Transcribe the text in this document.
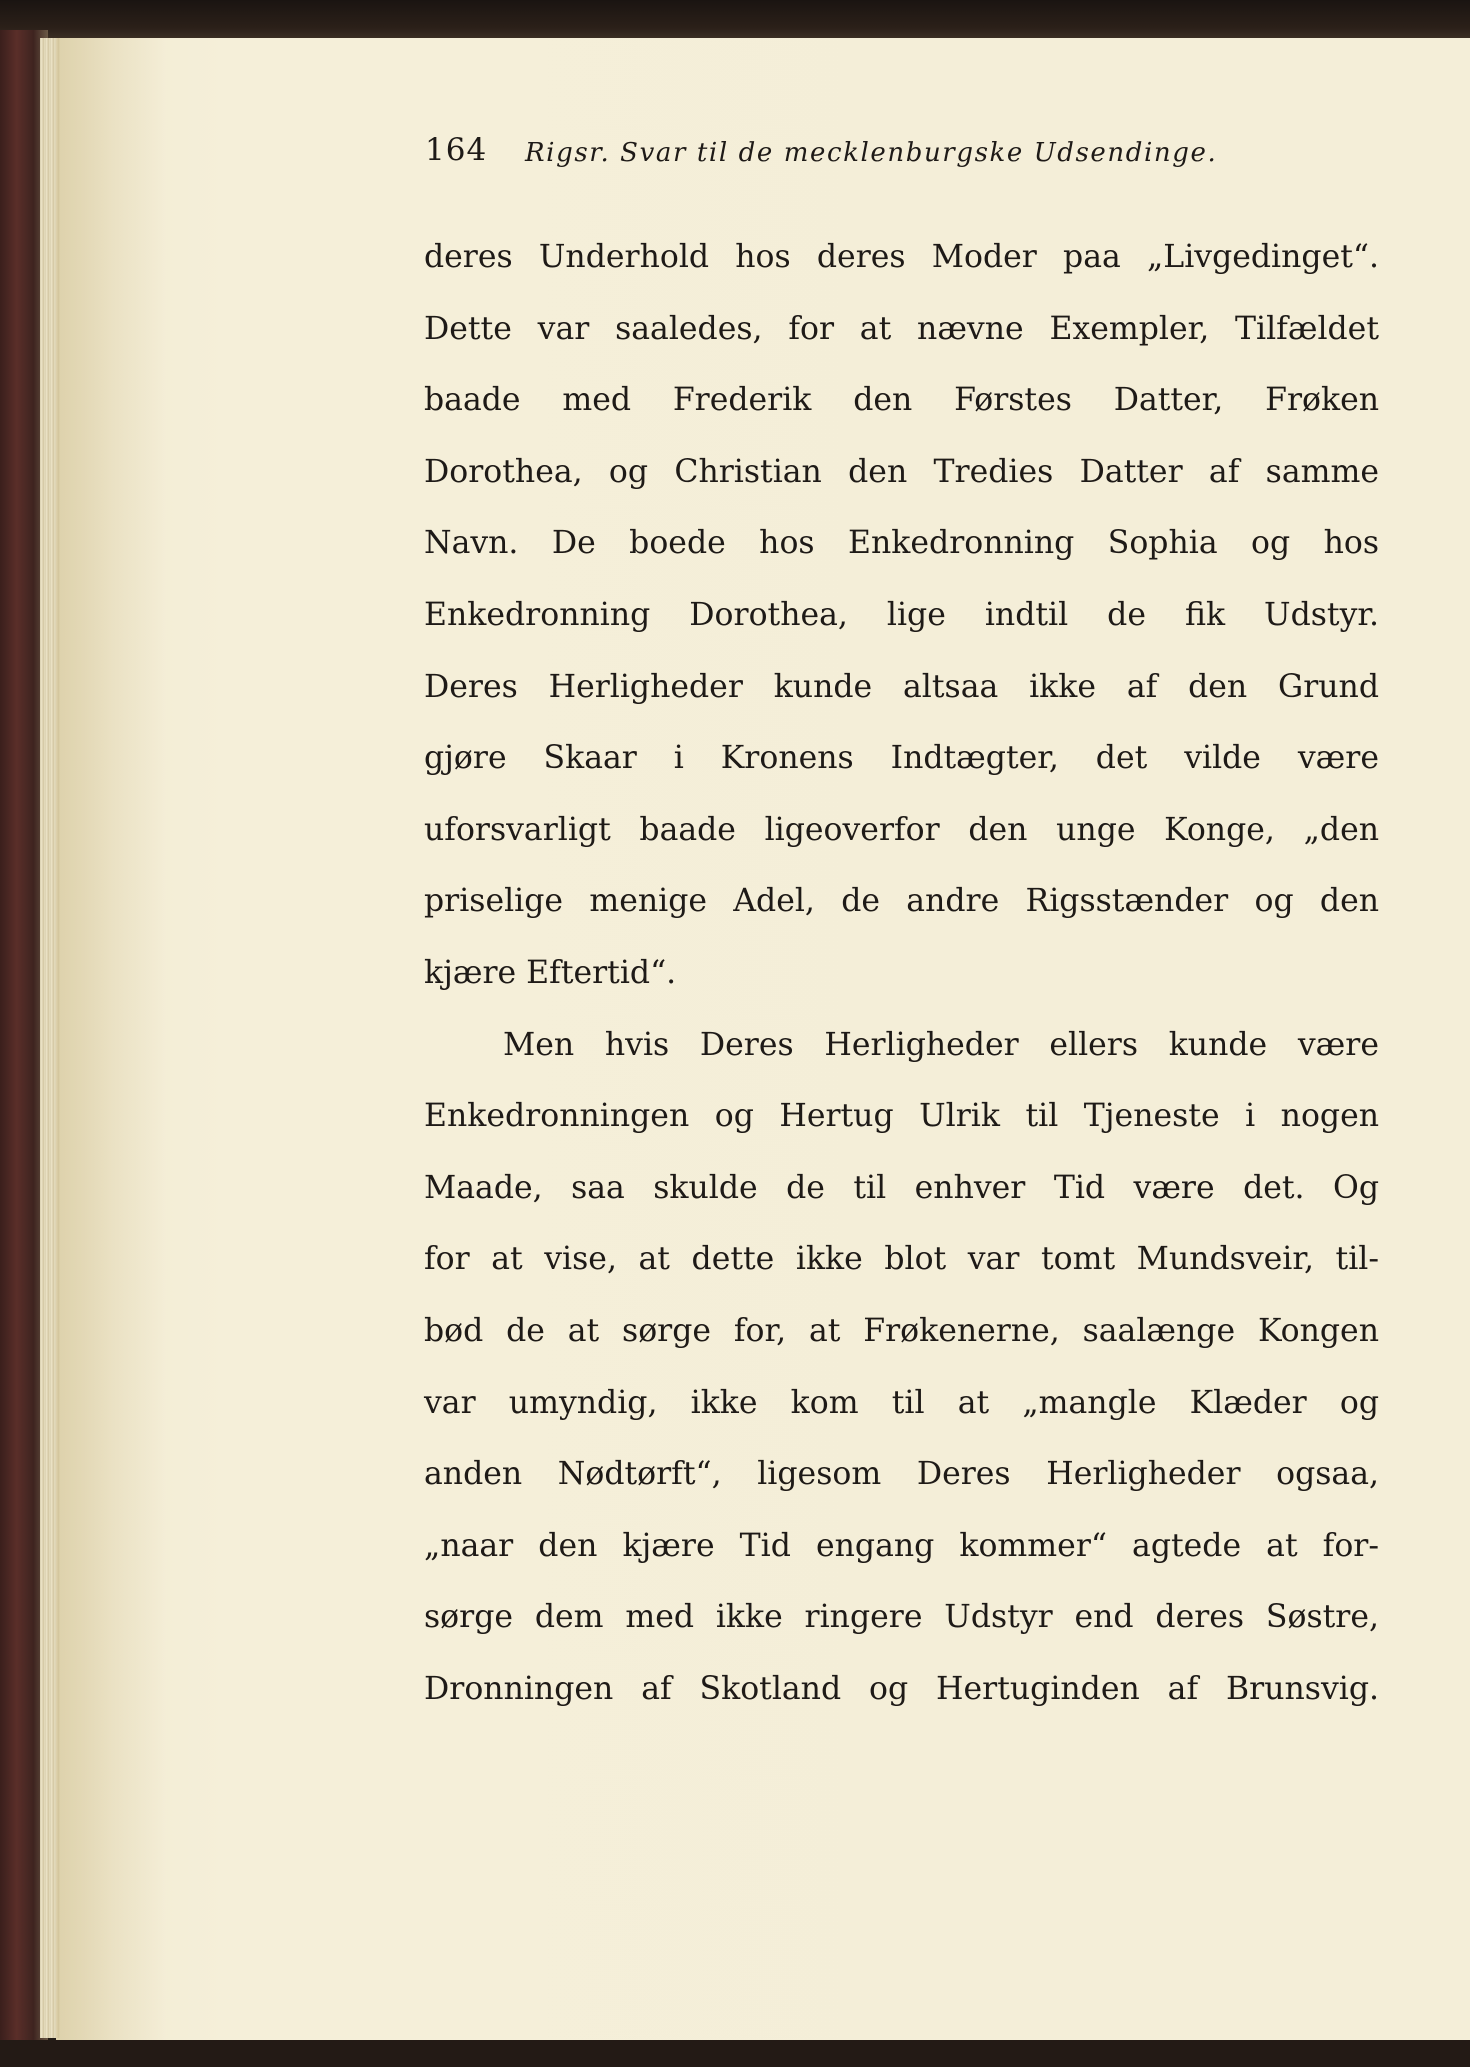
164 Rigsr. Svar til de mecklenburgske Udsendinge.
deres Underhold hos deres Moder paa „Livgedinget“.
Dette var saaledes, for at nævne Exempler, Tilfældet
baade med Frederik den Førstes Datter, Frøken
Dorothea, og Christian den Tredies Datter af samme
Navn. De boede hos Enkedronning Sophia og hos
Enkedronning Dorothea, lige indtil de fik Udstyr.
Deres Herligheder kunde altsaa ikke af den Grund
gjøre Skaar i Kronens Indtægter, det vilde være
uforsvarligt baade ligeoverfor den unge Konge, „den
priselige menige Adel, de andre Rigsstænder og den
kjære Eftertid“.
Men hvis Deres Herligheder ellers kunde være
Enkedronningen og Hertug Ulrik til Tjeneste i nogen
Maade, saa skulde de til enhver Tid være det. Og
for at vise, at dette ikke blot var tomt Mundsveir, til-
bød de at sørge for, at Frøkenerne, saalænge Kongen
var umyndig, ikke kom til at „mangle Klæder og
anden Nødtørft“, ligesom Deres Herligheder ogsaa,
„naar den kjære Tid engang kommer“ agtede at for-
sørge dem med ikke ringere Udstyr end deres Søstre,
Dronningen af Skotland og Hertuginden af Brunsvig.
